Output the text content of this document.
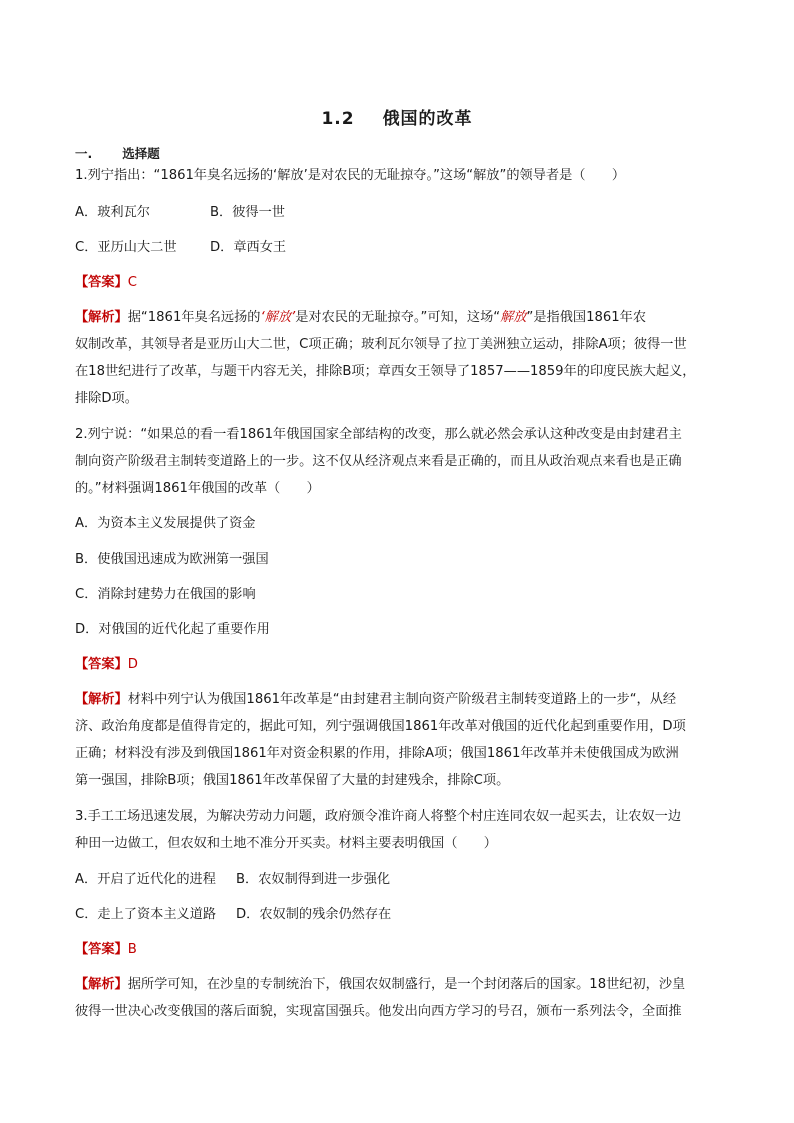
1.2 俄国的改革
一. 选择题
1.列宁指出：“1861年臭名远扬的‘解放’是对农民的无耻掠夺。”这场“解放”的领导者是（　　）
A．玻利瓦尔	B．彼得一世
C．亚历山大二世	D．章西女王
【答案】C
【解析】据“1861年臭名远扬的‘解放’是对农民的无耻掠夺。”可知，这场“解放”是指俄国1861年农
奴制改革，其领导者是亚历山大二世，C项正确；玻利瓦尔领导了拉丁美洲独立运动，排除A项；彼得一世
在18世纪进行了改革，与题干内容无关，排除B项；章西女王领导了1857——1859年的印度民族大起义，
排除D项。
2.列宁说：“如果总的看一看1861年俄国国家全部结构的改变，那么就必然会承认这种改变是由封建君主
制向资产阶级君主制转变道路上的一步。这不仅从经济观点来看是正确的，而且从政治观点来看也是正确
的。”材料强调1861年俄国的改革（　　）
A．为资本主义发展提供了资金
B．使俄国迅速成为欧洲第一强国
C．消除封建势力在俄国的影响
D．对俄国的近代化起了重要作用
【答案】D
【解析】材料中列宁认为俄国1861年改革是“由封建君主制向资产阶级君主制转变道路上的一步“，从经
济、政治角度都是值得肯定的，据此可知，列宁强调俄国1861年改革对俄国的近代化起到重要作用，D项
正确；材料没有涉及到俄国1861年对资金积累的作用，排除A项；俄国1861年改革并未使俄国成为欧洲
第一强国，排除B项；俄国1861年改革保留了大量的封建残余，排除C项。
3.手工工场迅速发展，为解决劳动力问题，政府颁令准许商人将整个村庄连同农奴一起买去，让农奴一边
种田一边做工，但农奴和土地不准分开买卖。材料主要表明俄国（　　）
A．开启了近代化的进程 B．农奴制得到进一步强化
C．走上了资本主义道路 D．农奴制的残余仍然存在
【答案】B
【解析】据所学可知，在沙皇的专制统治下，俄国农奴制盛行，是一个封闭落后的国家。18世纪初，沙皇
彼得一世决心改变俄国的落后面貌，实现富国强兵。他发出向西方学习的号召，颁布一系列法令，全面推
